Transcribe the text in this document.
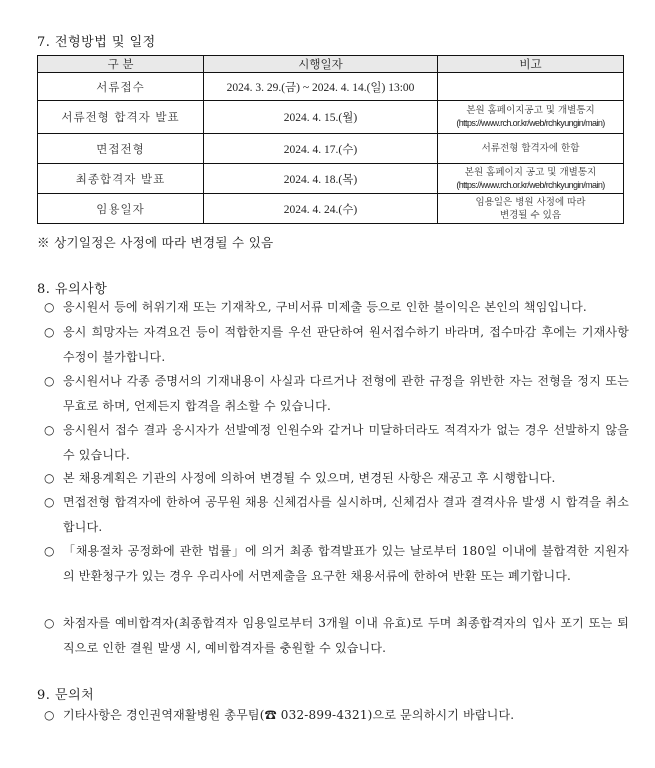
7. 전형방법 및 일정
구 분	시행일자	비고
서류접수	2024. 3. 29.(금) ~ 2024. 4. 14.(일) 13:00	
서류전형 합격자 발표	2024. 4. 15.(월)	본원 홈페이지공고 및 개별통지
(https://www.rch.or.kr/web/rchkyungin/main)

면접전형	2024. 4. 17.(수)	서류전형 합격자에 한함
최종합격자 발표	2024. 4. 18.(목)	본원 홈페이지 공고 및 개별통지
(https://www.rch.or.kr/web/rchkyungin/main)

임용일자	2024. 4. 24.(수)	임용일은 병원 사정에 따라
변경될 수 있음
※ 상기일정은 사정에 따라 변경될 수 있음
8. 유의사항
○ 응시원서 등에 허위기재 또는 기재착오, 구비서류 미제출 등으로 인한 불이익은 본인의 책임입니다.
○ 응시 희망자는 자격요건 등이 적합한지를 우선 판단하여 원서접수하기 바라며, 접수마감 후에는 기재사항 수정이 불가합니다.
○ 응시원서나 각종 증명서의 기재내용이 사실과 다르거나 전형에 관한 규정을 위반한 자는 전형을 정지 또는 무효로 하며, 언제든지 합격을 취소할 수 있습니다.
○ 응시원서 접수 결과 응시자가 선발예정 인원수와 같거나 미달하더라도 적격자가 없는 경우 선발하지 않을 수 있습니다.
○ 본 채용계획은 기관의 사정에 의하여 변경될 수 있으며, 변경된 사항은 재공고 후 시행합니다.
○ 면접전형 합격자에 한하여 공무원 채용 신체검사를 실시하며, 신체검사 결과 결격사유 발생 시 합격을 취소합니다.
○ 「채용절차 공정화에 관한 법률」에 의거 최종 합격발표가 있는 날로부터 180일 이내에 불합격한 지원자의 반환청구가 있는 경우 우리사에 서면제출을 요구한 채용서류에 한하여 반환 또는 폐기합니다.
○ 차점자를 예비합격자(최종합격자 임용일로부터 3개월 이내 유효)로 두며 최종합격자의 입사 포기 또는 퇴직으로 인한 결원 발생 시, 예비합격자를 충원할 수 있습니다.
9. 문의처
○ 기타사항은 경인권역재활병원 총무팀(☎ 032-899-4321)으로 문의하시기 바랍니다.
